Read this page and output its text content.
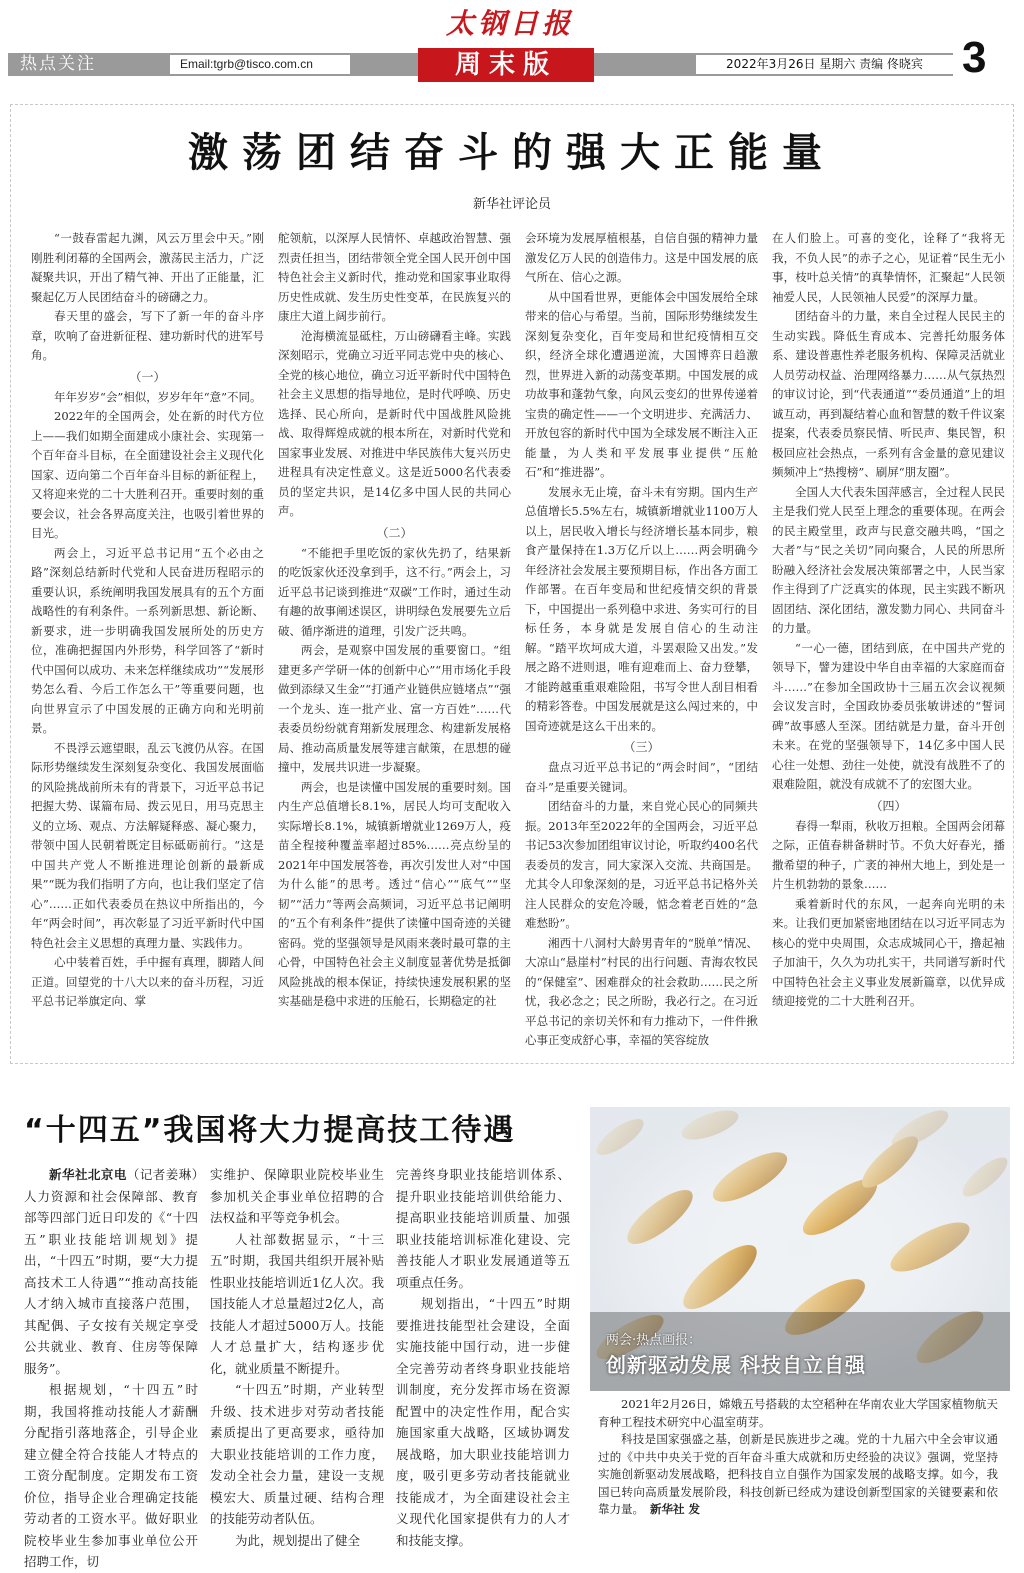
太钢日报
热点关注	Email:tgrb@tisco.com.cn	2022年3月26日 星期六 责编 佟晓宾
周末版	3
激荡团结奋斗的强大正能量
新华社评论员

“一鼓春雷起九渊，风云万里会中天。”刚刚胜利闭幕的全国两会，激荡民主活力，广泛凝聚共识，开出了精气神、开出了正能量，汇聚起亿万人民团结奋斗的磅礴之力。

春天里的盛会，写下了新一年的奋斗序章，吹响了奋进新征程、建功新时代的进军号角。

（一）

年年岁岁“会”相似，岁岁年年“意”不同。

2022年的全国两会，处在新的时代方位上——我们如期全面建成小康社会、实现第一个百年奋斗目标，在全面建设社会主义现代化国家、迈向第二个百年奋斗目标的新征程上，又将迎来党的二十大胜利召开。重要时刻的重要会议，社会各界高度关注，也吸引着世界的目光。

两会上，习近平总书记用“五个必由之路”深刻总结新时代党和人民奋进历程昭示的重要认识，系统阐明我国发展具有的五个方面战略性的有利条件。一系列新思想、新论断、新要求，进一步明确我国发展所处的历史方位，准确把握国内外形势，科学回答了“新时代中国何以成功、未来怎样继续成功”“发展形势怎么看、今后工作怎么干”等重要问题，也向世界宣示了中国发展的正确方向和光明前景。

不畏浮云遮望眼，乱云飞渡仍从容。在国际形势继续发生深刻复杂变化、我国发展面临的风险挑战前所未有的背景下，习近平总书记把握大势、谋篇布局、拨云见日，用马克思主义的立场、观点、方法解疑释惑、凝心聚力，带领中国人民朝着既定目标砥砺前行。“这是中国共产党人不断推进理论创新的最新成果”“既为我们指明了方向，也让我们坚定了信心”……正如代表委员在热议中所指出的，今年“两会时间”，再次彰显了习近平新时代中国特色社会主义思想的真理力量、实践伟力。

心中装着百姓，手中握有真理，脚踏人间正道。回望党的十八大以来的奋斗历程，习近平总书记举旗定向、掌

舵领航，以深厚人民情怀、卓越政治智慧、强烈责任担当，团结带领全党全国人民开创中国特色社会主义新时代，推动党和国家事业取得历史性成就、发生历史性变革，在民族复兴的康庄大道上阔步前行。

沧海横流显砥柱，万山磅礴看主峰。实践深刻昭示，党确立习近平同志党中央的核心、全党的核心地位，确立习近平新时代中国特色社会主义思想的指导地位，是时代呼唤、历史选择、民心所向，是新时代中国战胜风险挑战、取得辉煌成就的根本所在，对新时代党和国家事业发展、对推进中华民族伟大复兴历史进程具有决定性意义。这是近5000名代表委员的坚定共识，是14亿多中国人民的共同心声。

（二）

“不能把手里吃饭的家伙先扔了，结果新的吃饭家伙还没拿到手，这不行。”两会上，习近平总书记谈到推进“双碳”工作时，通过生动有趣的故事阐述误区，讲明绿色发展要先立后破、循序渐进的道理，引发广泛共鸣。

两会，是观察中国发展的重要窗口。“组建更多产学研一体的创新中心”“用市场化手段做到添绿又生金”“打通产业链供应链堵点”“强一个龙头、连一批产业、富一方百姓”……代表委员纷纷就育翔新发展理念、构建新发展格局、推动高质量发展等建言献策，在思想的碰撞中，发展共识进一步凝聚。

两会，也是读懂中国发展的重要时刻。国内生产总值增长8.1%，居民人均可支配收入实际增长8.1%，城镇新增就业1269万人，疫苗全程接种覆盖率超过85%……亮点纷呈的2021年中国发展答卷，再次引发世人对“中国为什么能”的思考。透过“信心”“底气”“坚韧”“活力”等两会高频词，习近平总书记阐明的“五个有利条件”提供了读懂中国奇迹的关键密码。党的坚强领导是风雨来袭时最可靠的主心骨，中国特色社会主义制度显著优势是抵御风险挑战的根本保证，持续快速发展积累的坚实基础是稳中求进的压舱石，长期稳定的社

会环境为发展厚植根基，自信自强的精神力量激发亿万人民的创造伟力。这是中国发展的底气所在、信心之源。

从中国看世界，更能体会中国发展给全球带来的信心与希望。当前，国际形势继续发生深刻复杂变化，百年变局和世纪疫情相互交织，经济全球化遭遇逆流，大国博弈日趋激烈，世界进入新的动荡变革期。中国发展的成功故事和蓬勃气象，向风云变幻的世界传递着宝贵的确定性——一个文明进步、充满活力、开放包容的新时代中国为全球发展不断注入正能量，为人类和平发展事业提供“压舱石”和“推进器”。

发展永无止境，奋斗未有穷期。国内生产总值增长5.5%左右，城镇新增就业1100万人以上，居民收入增长与经济增长基本同步，粮食产量保持在1.3万亿斤以上……两会明确今年经济社会发展主要预期目标，作出各方面工作部署。在百年变局和世纪疫情交织的背景下，中国提出一系列稳中求进、务实可行的目标任务，本身就是发展自信心的生动注解。“踏平坎坷成大道，斗罢艰险又出发。”发展之路不进则退，唯有迎难而上、奋力登攀，才能跨越重重艰难险阻，书写令世人刮目相看的精彩答卷。中国发展就是这么闯过来的，中国奇迹就是这么干出来的。

（三）

盘点习近平总书记的“两会时间”，“团结奋斗”是重要关键词。

团结奋斗的力量，来自党心民心的同频共振。2013年至2022年的全国两会，习近平总书记53次参加团组审议讨论，听取约400名代表委员的发言，同大家深入交流、共商国是。尤其令人印象深刻的是，习近平总书记格外关注人民群众的安危冷暖，惦念着老百姓的“急难愁盼”。

湘西十八洞村大龄男青年的“脱单”情况、大凉山“悬崖村”村民的出行问题、青海农牧民的“保健室”、困难群众的社会救助……民之所忧，我必念之；民之所盼，我必行之。在习近平总书记的亲切关怀和有力推动下，一件件揪心事正变成舒心事，幸福的笑容绽放

在人们脸上。可喜的变化，诠释了“我将无我，不负人民”的赤子之心，见证着“民生无小事，枝叶总关情”的真挚情怀，汇聚起“人民领袖爱人民，人民领袖人民爱”的深厚力量。

团结奋斗的力量，来自全过程人民民主的生动实践。降低生育成本、完善托幼服务体系、建设普惠性养老服务机构、保障灵活就业人员劳动权益、治理网络暴力……从气氛热烈的审议讨论，到“代表通道”“委员通道”上的坦诚互动，再到凝结着心血和智慧的数千件议案提案，代表委员察民情、听民声、集民智，积极回应社会热点，一系列有含金量的意见建议频频冲上“热搜榜”、刷屏“朋友圈”。

全国人大代表朱国萍感言，全过程人民民主是我们党人民至上理念的重要体现。在两会的民主殿堂里，政声与民意交融共鸣，“国之大者”与“民之关切”同向聚合，人民的所思所盼融入经济社会发展决策部署之中，人民当家作主得到了广泛真实的体现，民主实践不断巩固团结、深化团结，激发勠力同心、共同奋斗的力量。

“一心一德，团结到底，在中国共产党的领导下，譬为建设中华自由幸福的大家庭而奋斗……”在参加全国政协十三届五次会议视频会议发言时，全国政协委员张敏讲述的“誓词碑”故事感人至深。团结就是力量，奋斗开创未来。在党的坚强领导下，14亿多中国人民心往一处想、劲往一处使，就没有战胜不了的艰难险阻，就没有成就不了的宏图大业。

（四）

春得一犁雨，秋收万担粮。全国两会闭幕之际，正值春耕备耕时节。不负大好春光，播撒希望的种子，广袤的神州大地上，到处是一片生机勃勃的景象……

乘着新时代的东风，一起奔向光明的未来。让我们更加紧密地团结在以习近平同志为核心的党中央周围，众志成城同心干，撸起袖子加油干，久久为功扎实干，共同谱写新时代中国特色社会主义事业发展新篇章，以优异成绩迎接党的二十大胜利召开。

“十四五”我国将大力提高技工待遇

新华社北京电（记者姜琳）人力资源和社会保障部、教育部等四部门近日印发的《“十四五”职业技能培训规划》提出，“十四五”时期，要“大力提高技术工人待遇”“推动高技能人才纳入城市直接落户范围，其配偶、子女按有关规定享受公共就业、教育、住房等保障服务”。

根据规划，“十四五”时期，我国将推动技能人才薪酬分配指引落地落企，引导企业建立健全符合技能人才特点的工资分配制度。定期发布工资价位，指导企业合理确定技能劳动者的工资水平。做好职业院校毕业生参加事业单位公开招聘工作，切

实维护、保障职业院校毕业生参加机关企事业单位招聘的合法权益和平等竞争机会。

人社部数据显示，“十三五”时期，我国共组织开展补贴性职业技能培训近1亿人次。我国技能人才总量超过2亿人，高技能人才超过5000万人。技能人才总量扩大，结构逐步优化，就业质量不断提升。

“十四五”时期，产业转型升级、技术进步对劳动者技能素质提出了更高要求，亟待加大职业技能培训的工作力度，发动全社会力量，建设一支规模宏大、质量过硬、结构合理的技能劳动者队伍。

为此，规划提出了健全

完善终身职业技能培训体系、提升职业技能培训供给能力、提高职业技能培训质量、加强职业技能培训标准化建设、完善技能人才职业发展通道等五项重点任务。

规划指出，“十四五”时期要推进技能型社会建设，全面实施技能中国行动，进一步健全完善劳动者终身职业技能培训制度，充分发挥市场在资源配置中的决定性作用，配合实施国家重大战略，区域协调发展战略，加大职业技能培训力度，吸引更多劳动者技能就业技能成才，为全面建设社会主义现代化国家提供有力的人才和技能支撑。

两会·热点画报：
创新驱动发展 科技自立自强

2021年2月26日，嫦娥五号搭载的太空稻种在华南农业大学国家植物航天育种工程技术研究中心温室萌芽。

科技是国家强盛之基，创新是民族进步之魂。党的十九届六中全会审议通过的《中共中央关于党的百年奋斗重大成就和历史经验的决议》强调，党坚持实施创新驱动发展战略，把科技自立自强作为国家发展的战略支撑。如今，我国已转向高质量发展阶段，科技创新已经成为建设创新型国家的关键要素和依靠力量。 新华社 发
